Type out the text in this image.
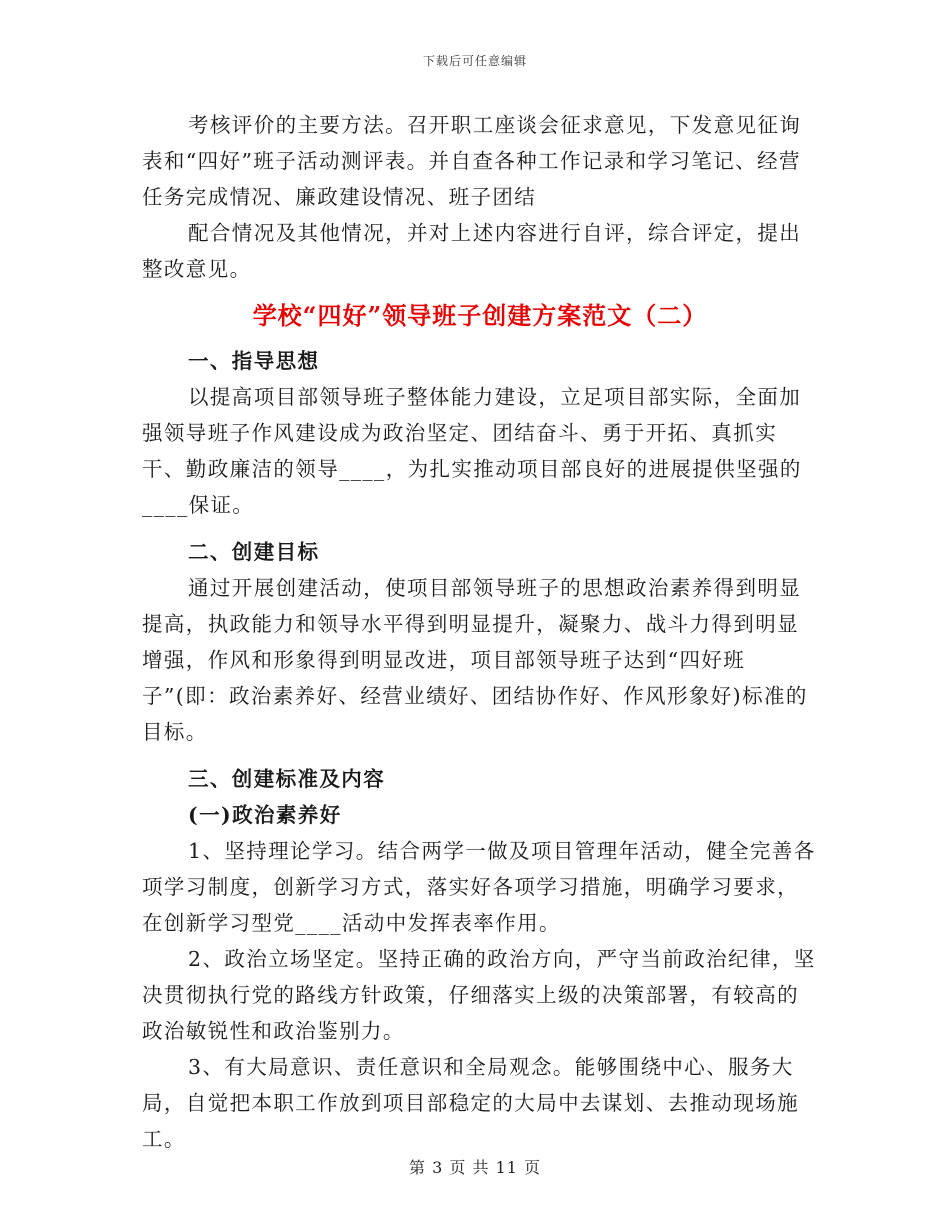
下载后可任意编辑

考核评价的主要方法。召开职工座谈会征求意见，下发意见征询表和“四好”班子活动测评表。并自查各种工作记录和学习笔记、经营任务完成情况、廉政建设情况、班子团结

配合情况及其他情况，并对上述内容进行自评，综合评定，提出整改意见。

学校“四好”领导班子创建方案范文（二）

一、指导思想

以提高项目部领导班子整体能力建设，立足项目部实际，全面加强领导班子作风建设成为政治坚定、团结奋斗、勇于开拓、真抓实干、勤政廉洁的领导____，为扎实推动项目部良好的进展提供坚强的____保证。

二、创建目标

通过开展创建活动，使项目部领导班子的思想政治素养得到明显提高，执政能力和领导水平得到明显提升，凝聚力、战斗力得到明显增强，作风和形象得到明显改进，项目部领导班子达到“四好班子”(即：政治素养好、经营业绩好、团结协作好、作风形象好)标准的目标。

三、创建标准及内容

(一)政治素养好

1、坚持理论学习。结合两学一做及项目管理年活动，健全完善各项学习制度，创新学习方式，落实好各项学习措施，明确学习要求，在创新学习型党____活动中发挥表率作用。

2、政治立场坚定。坚持正确的政治方向，严守当前政治纪律，坚决贯彻执行党的路线方针政策，仔细落实上级的决策部署，有较高的政治敏锐性和政治鉴别力。

3、有大局意识、责任意识和全局观念。能够围绕中心、服务大局，自觉把本职工作放到项目部稳定的大局中去谋划、去推动现场施工。

第 3 页 共 11 页
